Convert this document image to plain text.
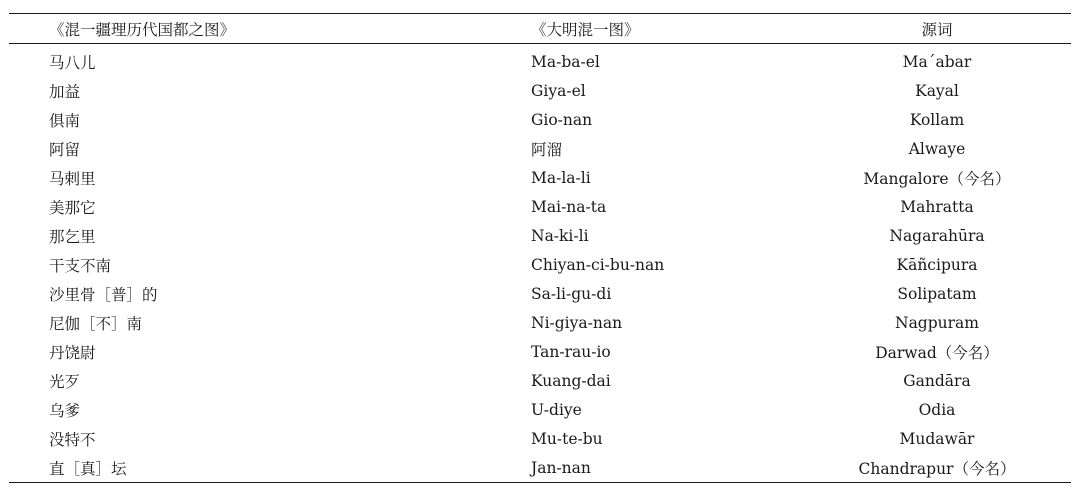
《混一疆理历代国都之图》	《大明混一图》	源词
马八儿	Ma-ba-el	Ma´abar
加益	Giya-el	Kayal
俱南	Gio-nan	Kollam
阿留	阿溜	Alwaye
马剌里	Ma-la-li	Mangalore（今名）
美那它	Mai-na-ta	Mahratta
那乞里	Na-ki-li	Nagarahūra
干支不南	Chiyan-ci-bu-nan	Kāñcipura
沙里骨［普］的	Sa-li-gu-di	Solipatam
尼伽［不］南	Ni-giya-nan	Nagpuram
丹饶尉	Tan-rau-io	Darwad（今名）
光歹	Kuang-dai	Gandāra
乌爹	U-diye	Odia
没特不	Mu-te-bu	Mudawār
直［真］坛	Jan-nan	Chandrapur（今名）
